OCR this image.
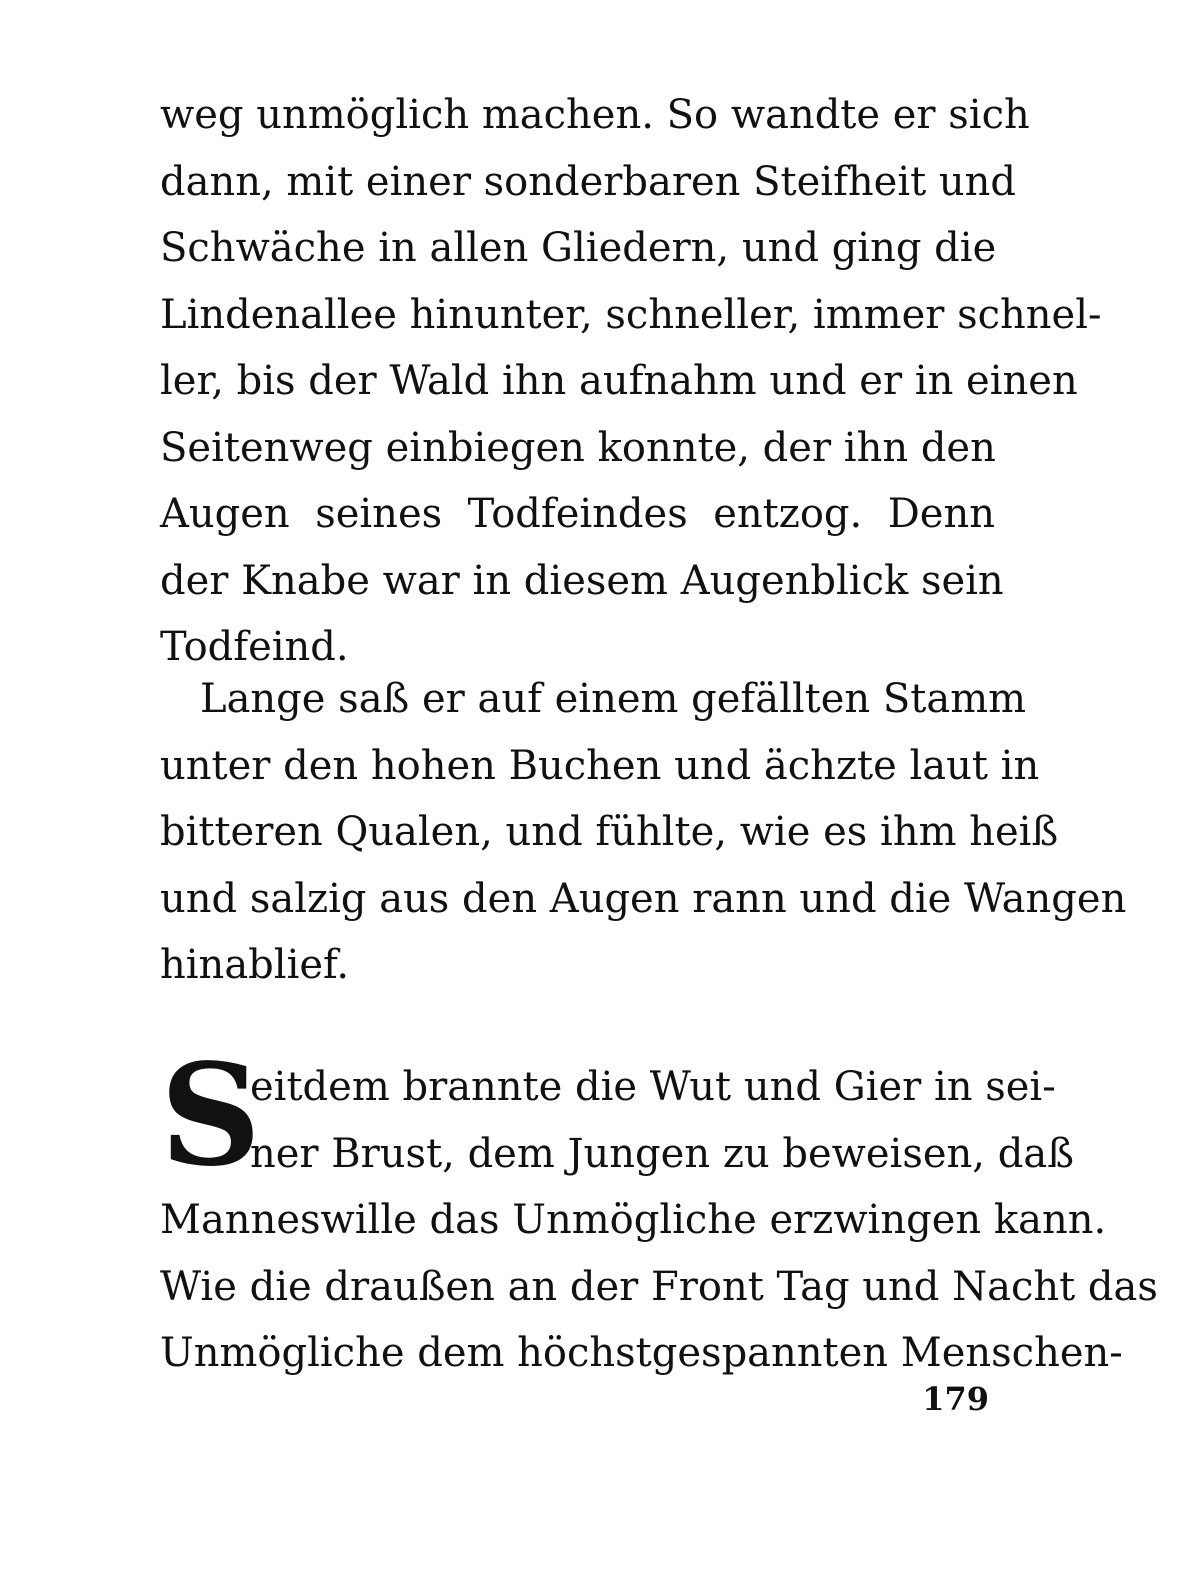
weg unmöglich machen. So wandte er sich
dann, mit einer sonderbaren Steifheit und
Schwäche in allen Gliedern, und ging die
Lindenallee hinunter, schneller, immer schnel-
ler, bis der Wald ihn aufnahm und er in einen
Seitenweg einbiegen konnte, der ihn den
Augen seines Todfeindes entzog. Denn
der Knabe war in diesem Augenblick sein
Todfeind.
Lange saß er auf einem gefällten Stamm
unter den hohen Buchen und ächzte laut in
bitteren Qualen, und fühlte, wie es ihm heiß
und salzig aus den Augen rann und die Wangen
hinablief.
S
eitdem brannte die Wut und Gier in sei-
ner Brust, dem Jungen zu beweisen, daß
Manneswille das Unmögliche erzwingen kann.
Wie die draußen an der Front Tag und Nacht das
Unmögliche dem höchstgespannten Menschen-
179
